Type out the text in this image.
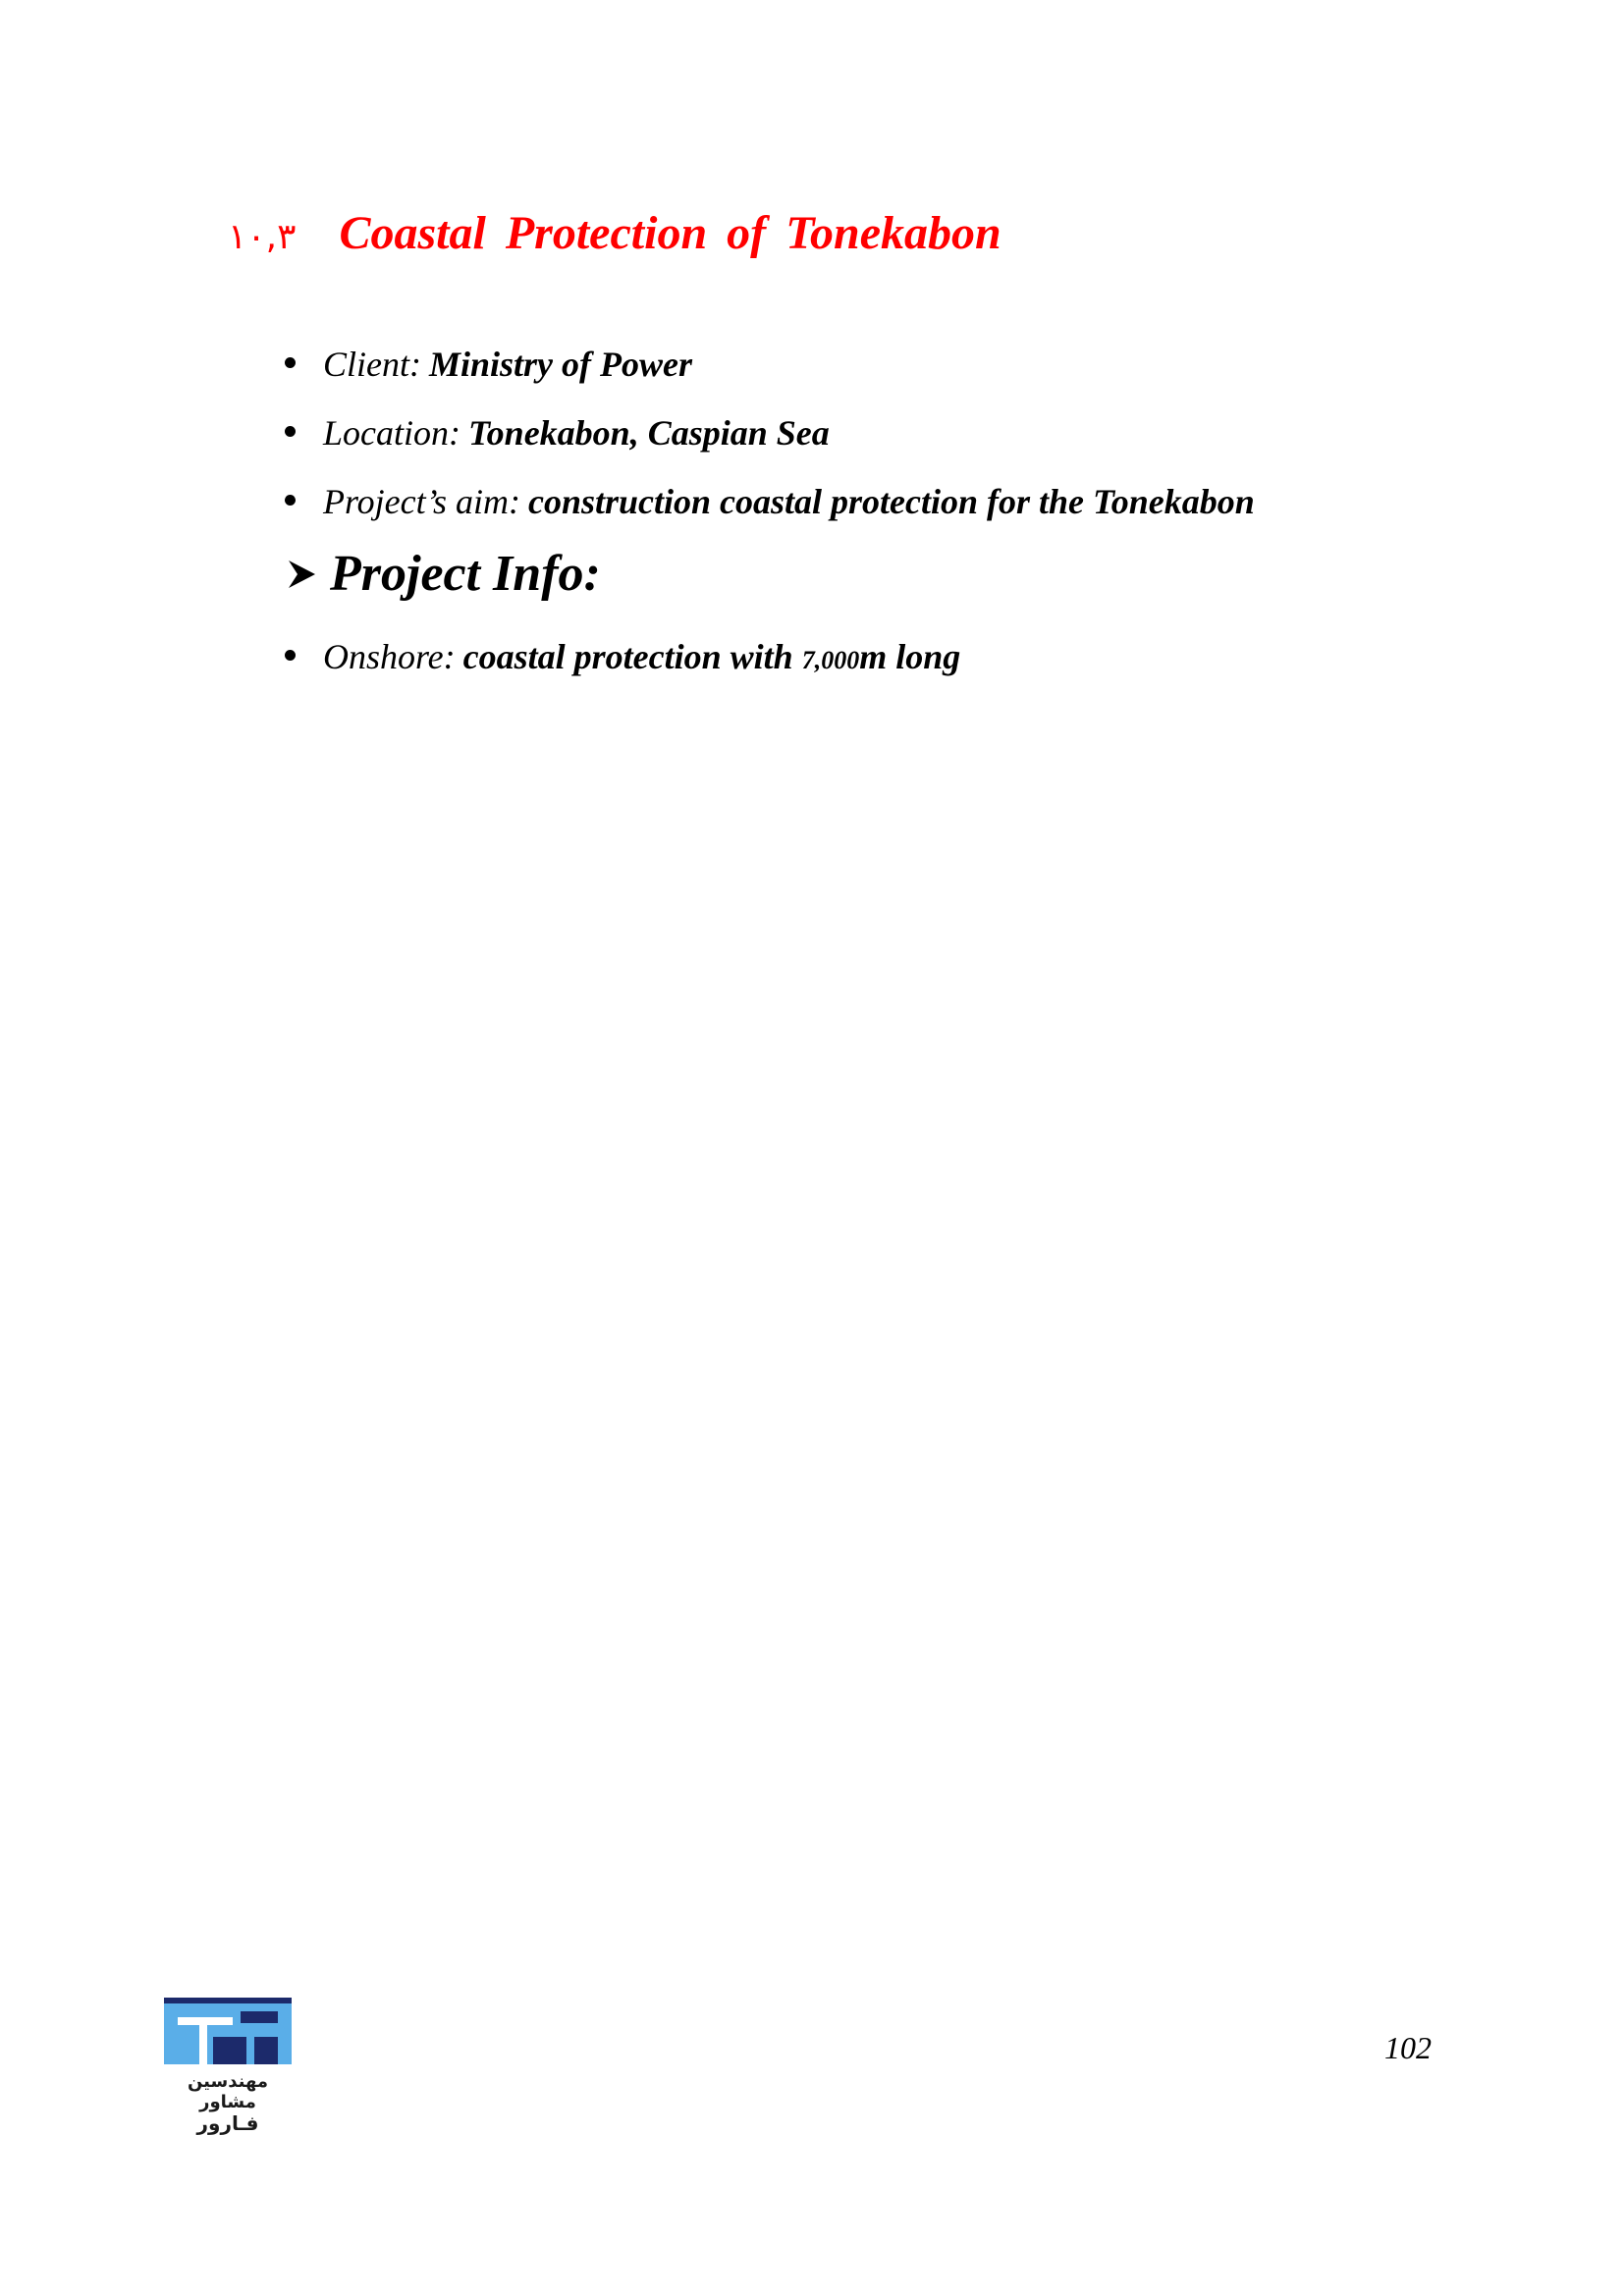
۱۰,۳ Coastal Protection of Tonekabon
Client: Ministry of Power
Location: Tonekabon, Caspian Sea
Project’s aim: construction coastal protection for the Tonekabon
Project Info:
Onshore: coastal protection with 7,000m long
مهندسین مشاور
فـارور
102
